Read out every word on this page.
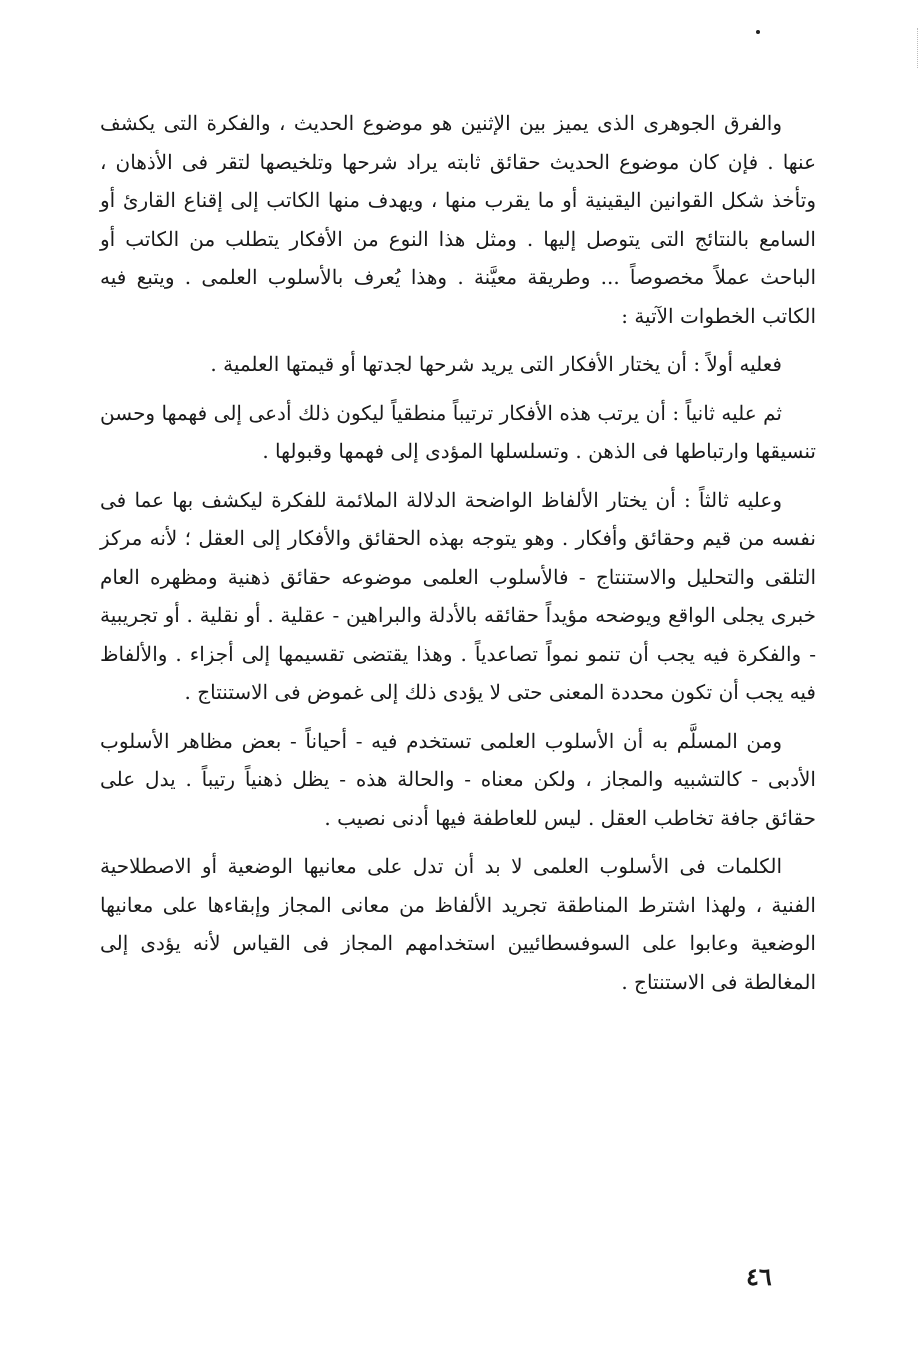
والفرق الجوهرى الذى يميز بين الإثنين هو موضوع الحديث ، والفكرة التى يكشف عنها . فإن كان موضوع الحديث حقائق ثابته يراد شرحها وتلخيصها لتقر فى الأذهان ، وتأخذ شكل القوانين اليقينية أو ما يقرب منها ، ويهدف منها الكاتب إلى إقناع القارئ أو السامع بالنتائج التى يتوصل إليها . ومثل هذا النوع من الأفكار يتطلب من الكاتب أو الباحث عملاً مخصوصاً ... وطريقة معيَّنة . وهذا يُعرف بالأسلوب العلمى . ويتبع فيه الكاتب الخطوات الآتية :

فعليه أولاً : أن يختار الأفكار التى يريد شرحها لجدتها أو قيمتها العلمية .

ثم عليه ثانياً : أن يرتب هذه الأفكار ترتيباً منطقياً ليكون ذلك أدعى إلى فهمها وحسن تنسيقها وارتباطها فى الذهن . وتسلسلها المؤدى إلى فهمها وقبولها .

وعليه ثالثاً : أن يختار الألفاظ الواضحة الدلالة الملائمة للفكرة ليكشف بها عما فى نفسه من قيم وحقائق وأفكار . وهو يتوجه بهذه الحقائق والأفكار إلى العقل ؛ لأنه مركز التلقى والتحليل والاستنتاج - فالأسلوب العلمى موضوعه حقائق ذهنية ومظهره العام خبرى يجلى الواقع ويوضحه مؤيداً حقائقه بالأدلة والبراهين - عقلية . أو نقلية . أو تجريبية - والفكرة فيه يجب أن تنمو نمواً تصاعدياً . وهذا يقتضى تقسيمها إلى أجزاء . والألفاظ فيه يجب أن تكون محددة المعنى حتى لا يؤدى ذلك إلى غموض فى الاستنتاج .

ومن المسلَّم به أن الأسلوب العلمى تستخدم فيه - أحياناً - بعض مظاهر الأسلوب الأدبى - كالتشبيه والمجاز ، ولكن معناه - والحالة هذه - يظل ذهنياً رتيباً . يدل على حقائق جافة تخاطب العقل . ليس للعاطفة فيها أدنى نصيب .

الكلمات فى الأسلوب العلمى لا بد أن تدل على معانيها الوضعية أو الاصطلاحية الفنية ، ولهذا اشترط المناطقة تجريد الألفاظ من معانى المجاز وإبقاءها على معانيها الوضعية وعابوا على السوفسطائيين استخدامهم المجاز فى القياس لأنه يؤدى إلى المغالطة فى الاستنتاج .

٤٦
